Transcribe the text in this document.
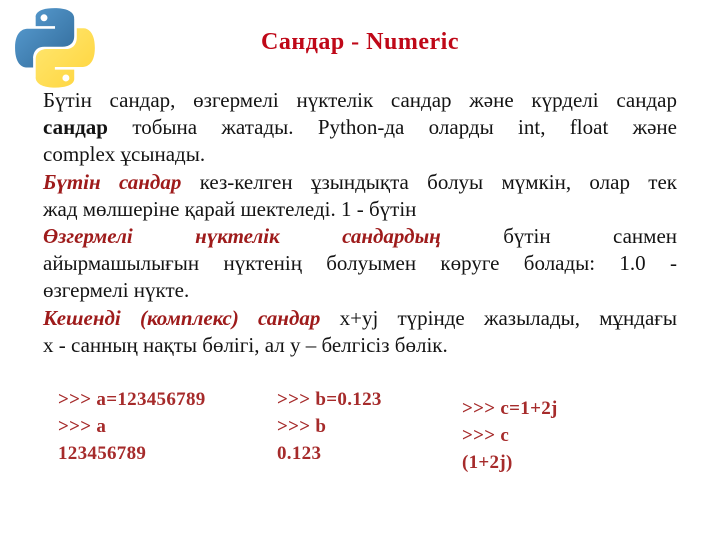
Сандар - Numeric
Бүтін сандар, өзгермелі нүктелік сандар және күрделі сандар
сандар тобына жатады. Python-да оларды int, float және
complex ұсынады.
Бүтін сандар кез-келген ұзындықта болуы мүмкін, олар тек
жад мөлшеріне қарай шектеледі. 1 - бүтін
Өзгермелі нүктелік сандардың бүтін санмен
айырмашылығын нүктенің болуымен көруге болады: 1.0 -
өзгермелі нүкте.
Кешенді (комплекс) сандар x+yj түрінде жазылады, мұндағы
x - санның нақты бөлігі, ал y – белгісіз бөлік.
>>> a=123456789
>>> a
123456789
>>> b=0.123
>>> b
0.123
>>> c=1+2j
>>> c
(1+2j)
